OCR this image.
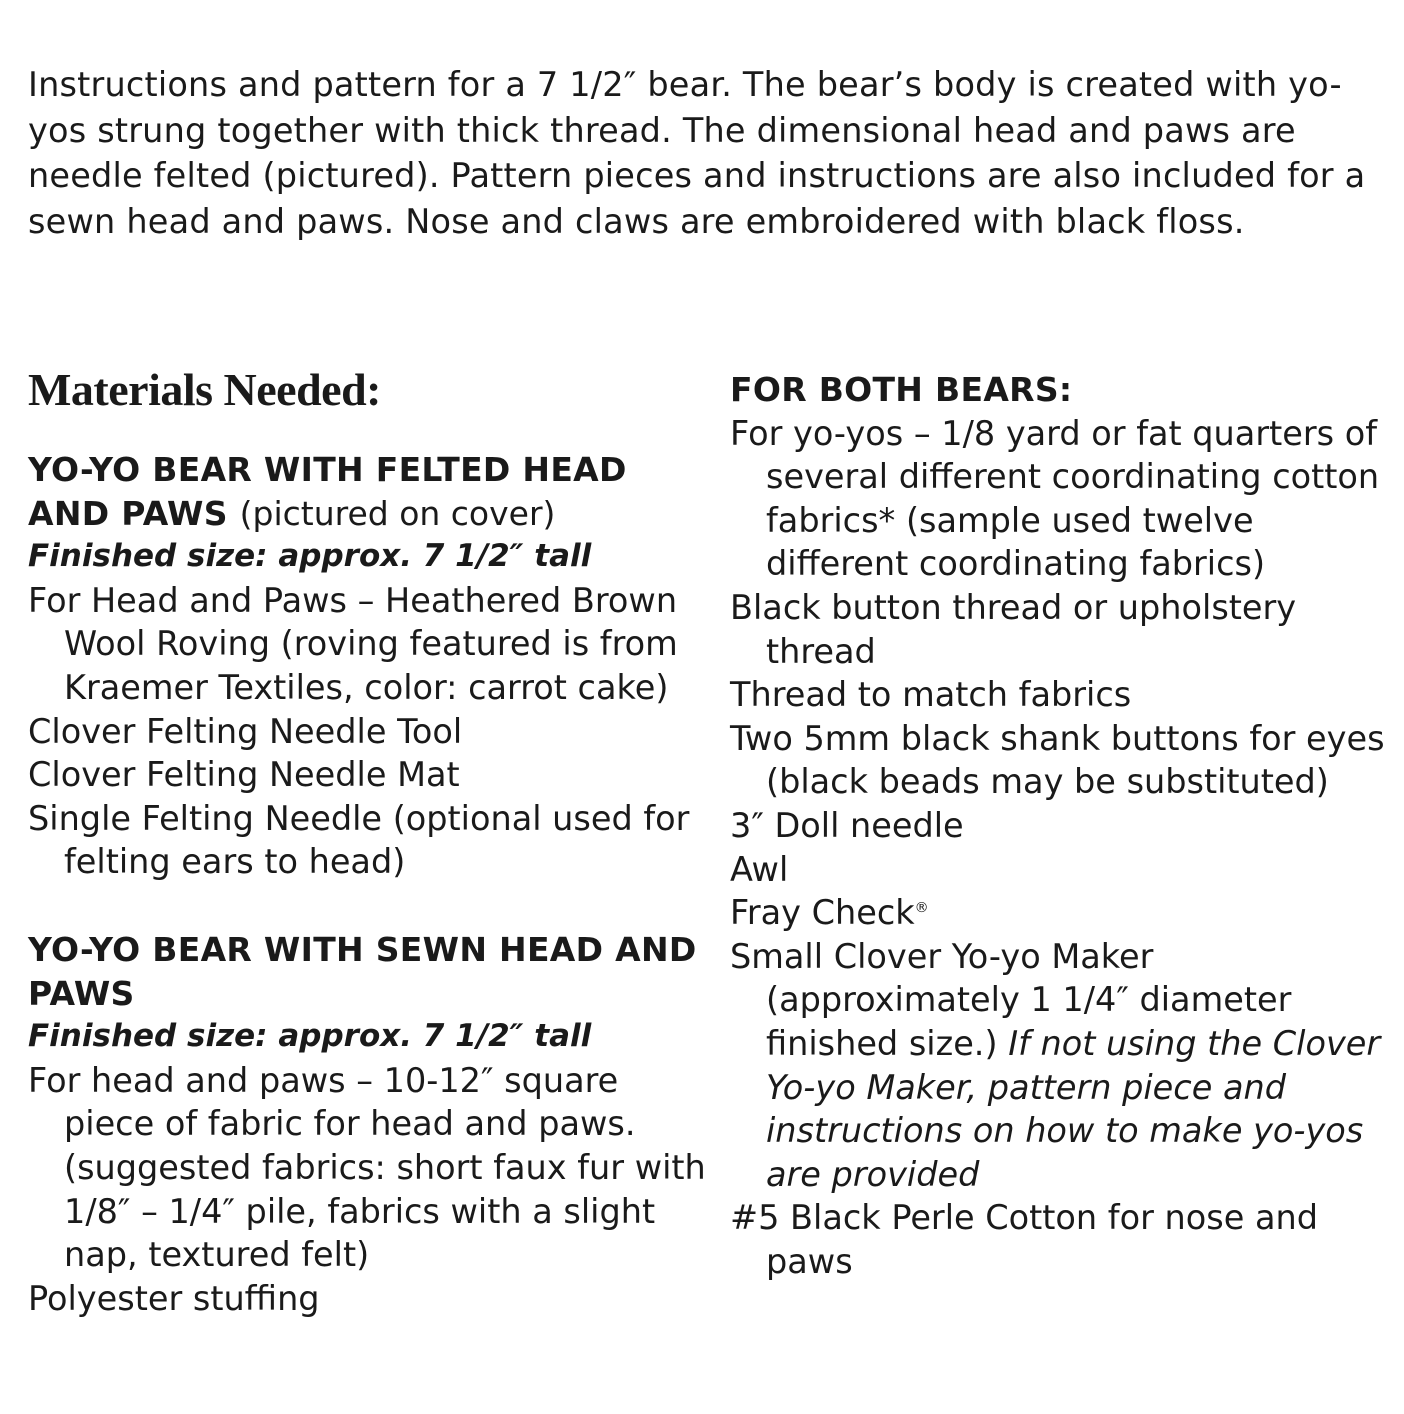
Instructions and pattern for a 7 1/2″ bear. The bear’s body is created with yo-yos strung together with thick thread. The dimensional head and paws are needle felted (pictured). Pattern pieces and instructions are also included for a sewn head and paws. Nose and claws are embroidered with black floss.

Materials Needed:

YO-YO BEAR WITH FELTED HEAD AND PAWS (pictured on cover)

Finished size: approx. 7 1/2″ tall

For Head and Paws – Heathered Brown Wool Roving (roving featured is from Kraemer Textiles, color: carrot cake)
Clover Felting Needle Tool
Clover Felting Needle Mat
Single Felting Needle (optional used for felting ears to head)

YO-YO BEAR WITH SEWN HEAD AND PAWS

Finished size: approx. 7 1/2″ tall

For head and paws – 10-12″ square piece of fabric for head and paws. (suggested fabrics: short faux fur with 1/8″ – 1/4″ pile, fabrics with a slight nap, textured felt)
Polyester stuffing

FOR BOTH BEARS:

For yo-yos – 1/8 yard or fat quarters of several different coordinating cotton fabrics* (sample used twelve different coordinating fabrics)
Black button thread or upholstery thread
Thread to match fabrics
Two 5mm black shank buttons for eyes (black beads may be substituted)
3″ Doll needle
Awl
Fray Check®
Small Clover Yo-yo Maker (approximately 1 1/4″ diameter finished size.) If not using the Clover Yo-yo Maker, pattern piece and instructions on how to make yo-yos are provided
#5 Black Perle Cotton for nose and paws
